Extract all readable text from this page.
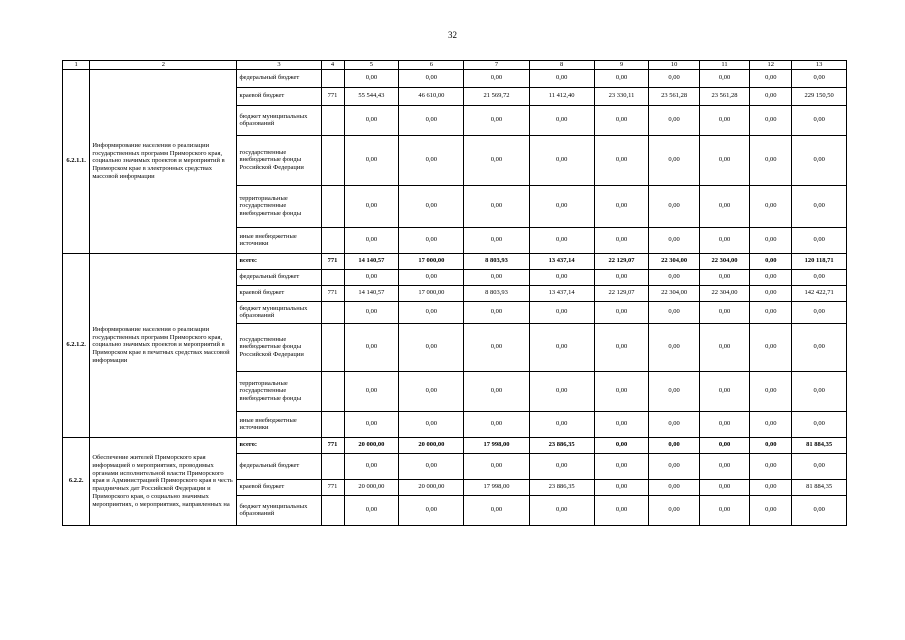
32
1	2	3	4	5	6	7	8	9	10	11	12	13
6.2.1.1.	Информирование населения о реализации государственных программ Приморского края, социально значимых проектов и мероприятий в Приморском крае в электронных средствах массовой информации	федеральный бюджет		0,00	0,00	0,00	0,00	0,00	0,00	0,00	0,00	0,00
		краевой бюджет	771	55 544,43	46 610,00	21 569,72	11 412,40	23 330,11	23 561,28	23 561,28	0,00	229 150,50
		бюджет муниципальных образований		0,00	0,00	0,00	0,00	0,00	0,00	0,00	0,00	0,00
		государственные внебюджетные фонды Российской Федерации		0,00	0,00	0,00	0,00	0,00	0,00	0,00	0,00	0,00
		территориальные государственные внебюджетные фонды		0,00	0,00	0,00	0,00	0,00	0,00	0,00	0,00	0,00
		иные внебюджетные источники		0,00	0,00	0,00	0,00	0,00	0,00	0,00	0,00	0,00
6.2.1.2.	Информирование населения о реализации государственных программ Приморского края, социально значимых проектов и мероприятий в Приморском крае в печатных средствах массовой информации	всего:	771	14 140,57	17 000,00	8 803,93	13 437,14	22 129,07	22 304,00	22 304,00	0,00	120 118,71
		федеральный бюджет		0,00	0,00	0,00	0,00	0,00	0,00	0,00	0,00	0,00
		краевой бюджет	771	14 140,57	17 000,00	8 803,93	13 437,14	22 129,07	22 304,00	22 304,00	0,00	142 422,71
		бюджет муниципальных образований		0,00	0,00	0,00	0,00	0,00	0,00	0,00	0,00	0,00
		государственные внебюджетные фонды Российской Федерации		0,00	0,00	0,00	0,00	0,00	0,00	0,00	0,00	0,00
		территориальные государственные внебюджетные фонды		0,00	0,00	0,00	0,00	0,00	0,00	0,00	0,00	0,00
		иные внебюджетные источники		0,00	0,00	0,00	0,00	0,00	0,00	0,00	0,00	0,00
6.2.2.	Обеспечение жителей Приморского края информацией о мероприятиях, проводимых органами исполнительной власти Приморского края и Администрацией Приморского края в честь праздничных дат Российской Федерации и Приморского края, о социально значимых мероприятиях, о мероприятиях, направленных на	всего:	771	20 000,00	20 000,00	17 998,00	23 886,35	0,00	0,00	0,00	0,00	81 884,35
		федеральный бюджет		0,00	0,00	0,00	0,00	0,00	0,00	0,00	0,00	0,00
		краевой бюджет	771	20 000,00	20 000,00	17 998,00	23 886,35	0,00	0,00	0,00	0,00	81 884,35
		бюджет муниципальных образований		0,00	0,00	0,00	0,00	0,00	0,00	0,00	0,00	0,00
